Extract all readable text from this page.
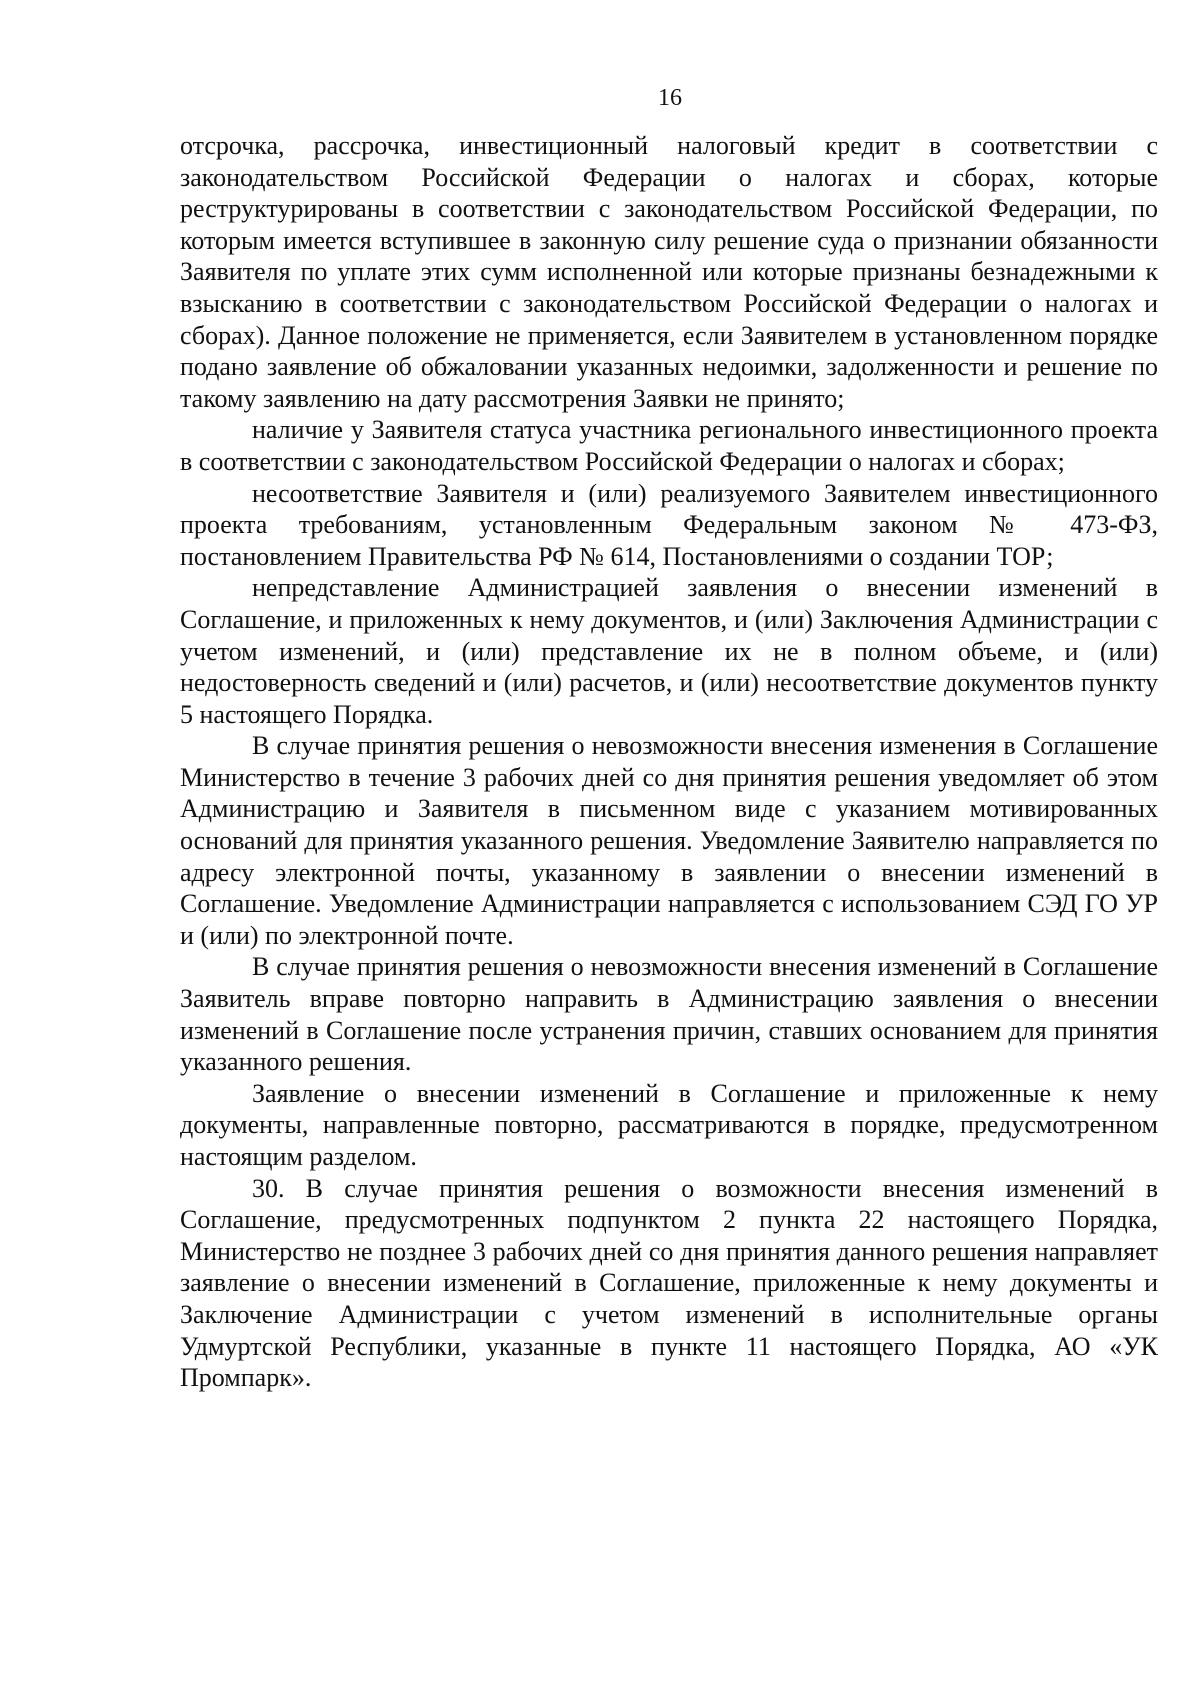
16

отсрочка, рассрочка, инвестиционный налоговый кредит в соответствии с законодательством Российской Федерации о налогах и сборах, которые реструктурированы в соответствии с законодательством Российской Федерации, по которым имеется вступившее в законную силу решение суда о признании обязанности Заявителя по уплате этих сумм исполненной или которые признаны безнадежными к взысканию в соответствии с законодательством Российской Федерации о налогах и сборах). Данное положение не применяется, если Заявителем в установленном порядке подано заявление об обжаловании указанных недоимки, задолженности и решение по такому заявлению на дату рассмотрения Заявки не принято;

наличие у Заявителя статуса участника регионального инвестиционного проекта в соответствии с законодательством Российской Федерации о налогах и сборах;

несоответствие Заявителя и (или) реализуемого Заявителем инвестиционного проекта требованиям, установленным Федеральным законом № 473-ФЗ, постановлением Правительства РФ № 614, Постановлениями о создании ТОР;

непредставление Администрацией заявления о внесении изменений в Соглашение, и приложенных к нему документов, и (или) Заключения Администрации с учетом изменений, и (или) представление их не в полном объеме, и (или) недостоверность сведений и (или) расчетов, и (или) несоответствие документов пункту 5 настоящего Порядка.

В случае принятия решения о невозможности внесения изменения в Соглашение Министерство в течение 3 рабочих дней со дня принятия решения уведомляет об этом Администрацию и Заявителя в письменном виде с указанием мотивированных оснований для принятия указанного решения. Уведомление Заявителю направляется по адресу электронной почты, указанному в заявлении о внесении изменений в Соглашение. Уведомление Администрации направляется с использованием СЭД ГО УР и (или) по электронной почте.

В случае принятия решения о невозможности внесения изменений в Соглашение Заявитель вправе повторно направить в Администрацию заявления о внесении изменений в Соглашение после устранения причин, ставших основанием для принятия указанного решения.

Заявление о внесении изменений в Соглашение и приложенные к нему документы, направленные повторно, рассматриваются в порядке, предусмотренном настоящим разделом.

30. В случае принятия решения о возможности внесения изменений в Соглашение, предусмотренных подпунктом 2 пункта 22 настоящего Порядка, Министерство не позднее 3 рабочих дней со дня принятия данного решения направляет заявление о внесении изменений в Соглашение, приложенные к нему документы и Заключение Администрации с учетом изменений в исполнительные органы Удмуртской Республики, указанные в пункте 11 настоящего Порядка, АО «УК Промпарк».
